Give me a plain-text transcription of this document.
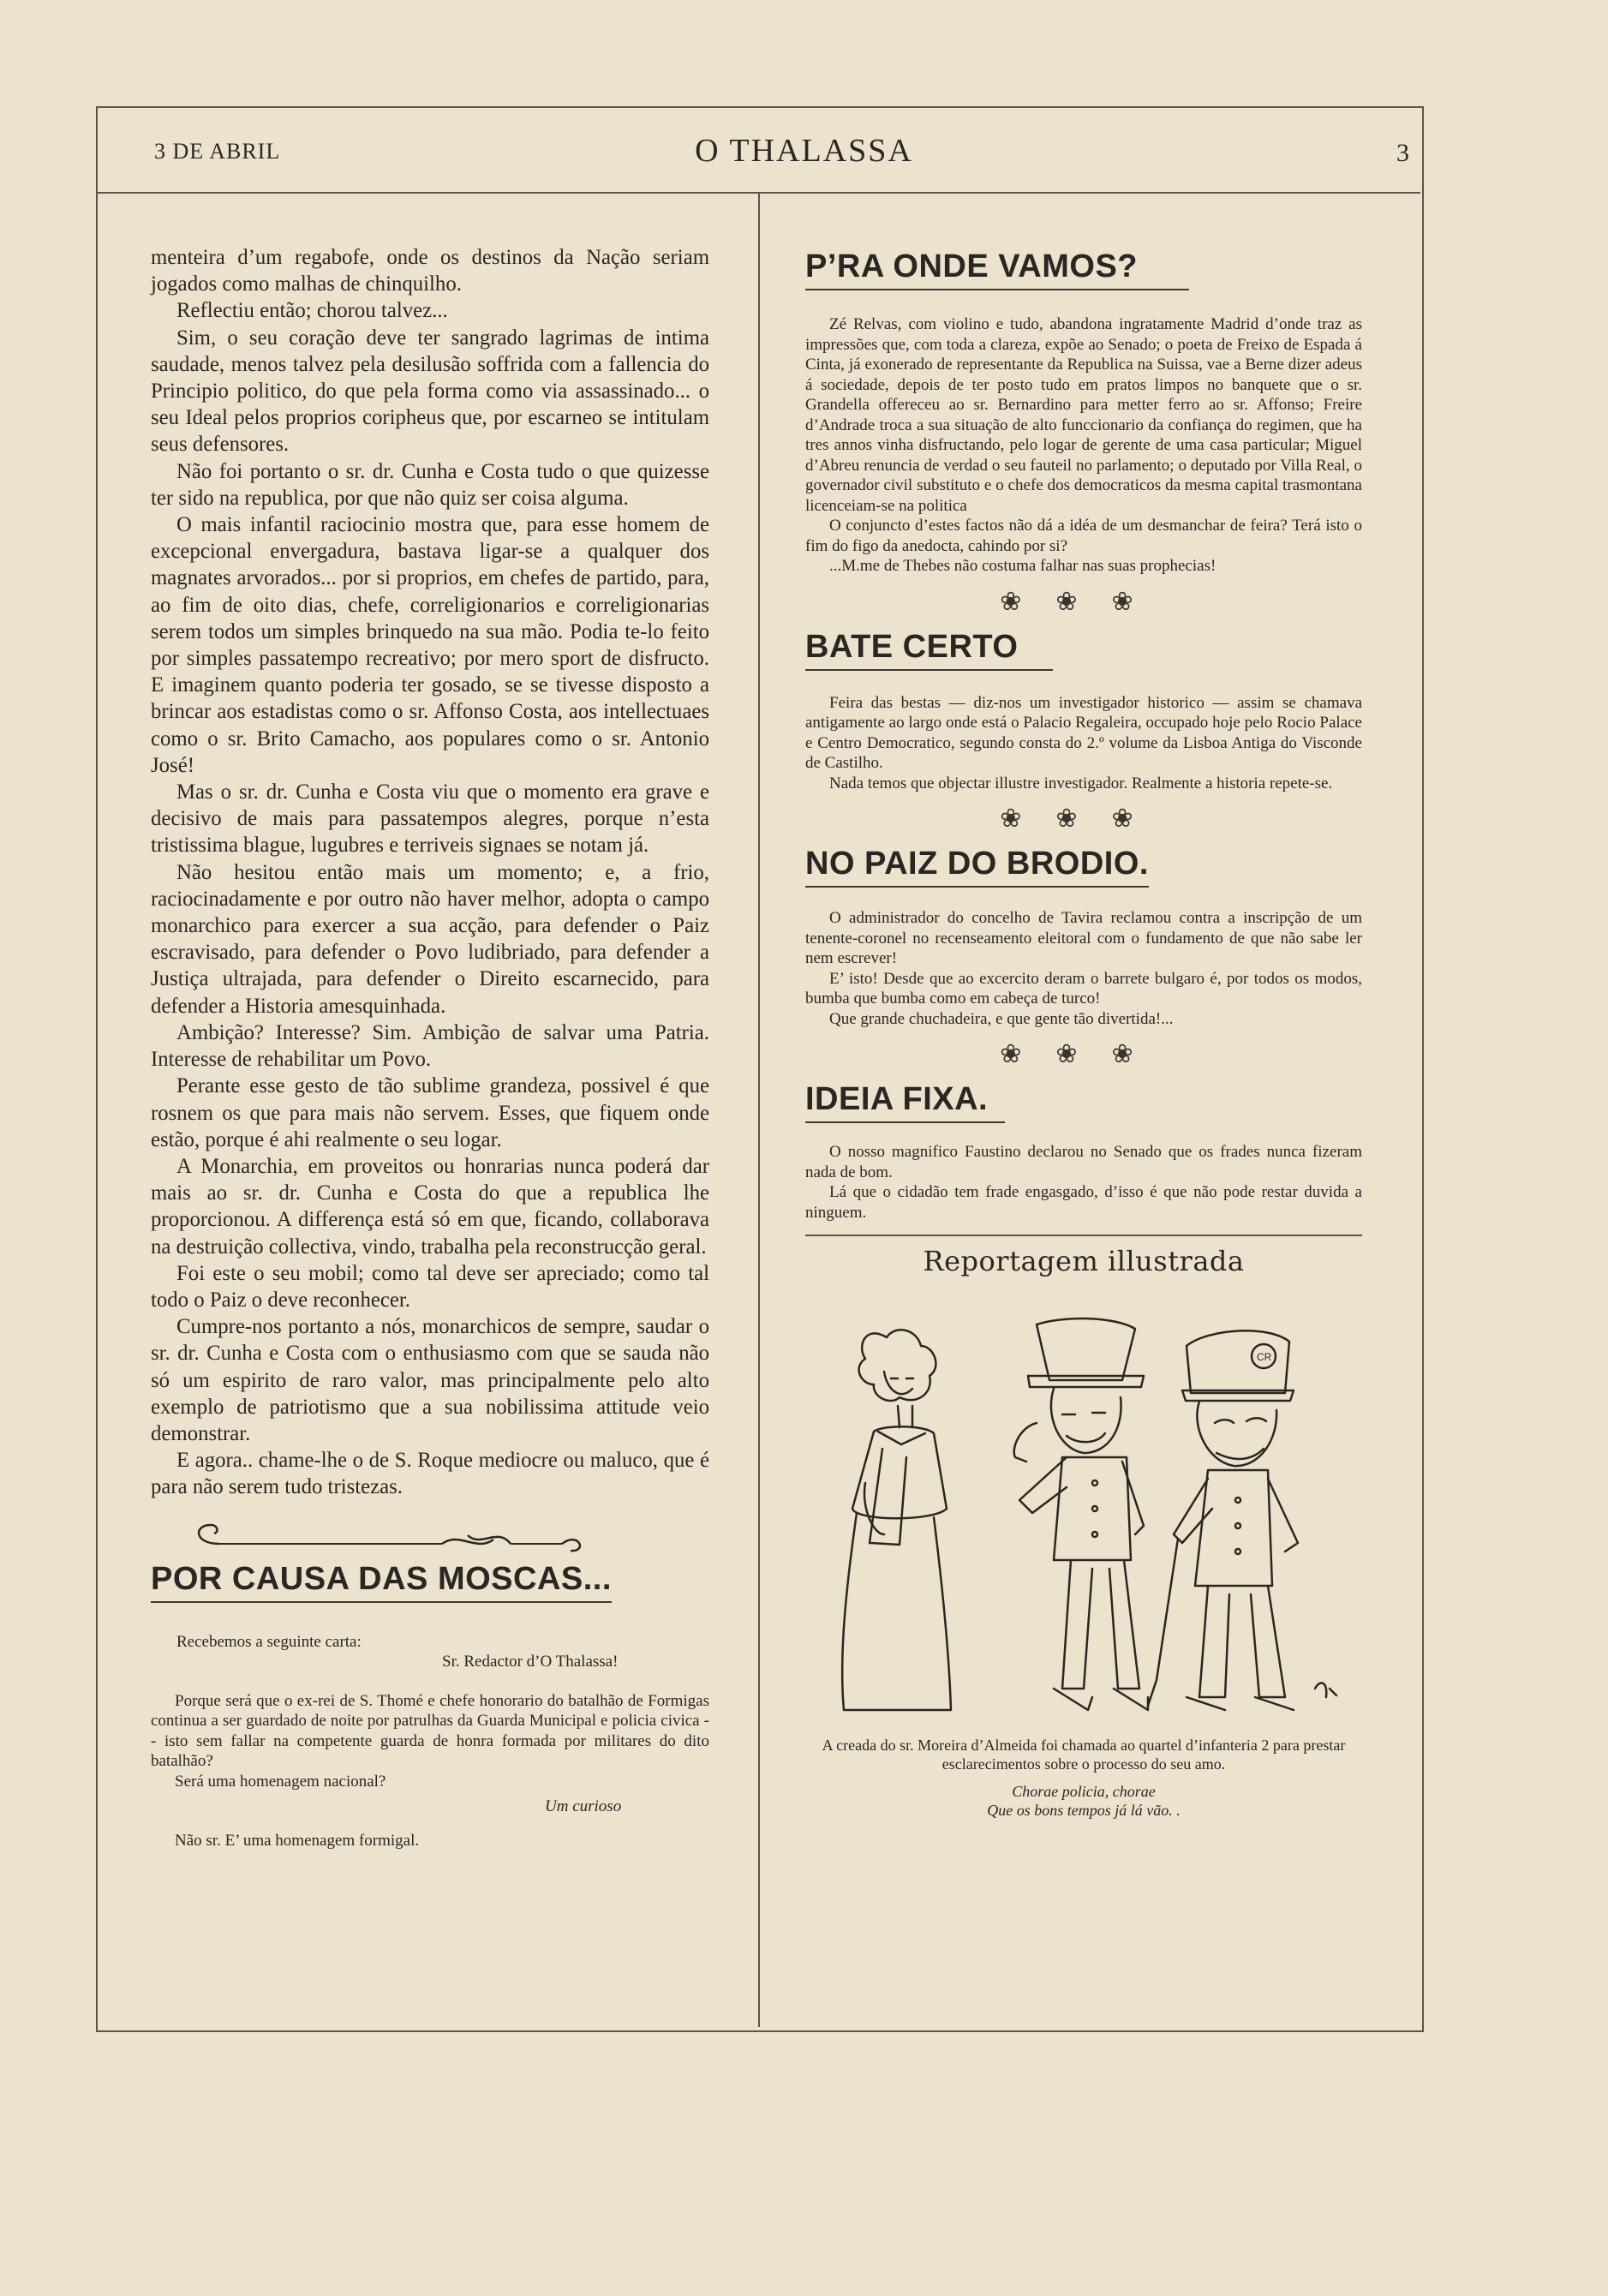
3 DE ABRIL	O THALASSA	3

menteira d’um regabofe, onde os destinos da Nação seriam jogados como malhas de chinquilho.

Reflectiu então; chorou talvez...

Sim, o seu coração deve ter sangrado lagrimas de intima saudade, menos talvez pela desilusão soffrida com a fallencia do Principio politico, do que pela forma como via assassinado... o seu Ideal pelos proprios coripheus que, por escarneo se intitulam seus defensores.

Não foi portanto o sr. dr. Cunha e Costa tudo o que quizesse ter sido na republica, por que não quiz ser coisa alguma.

O mais infantil raciocinio mostra que, para esse homem de excepcional envergadura, bastava ligar-se a qualquer dos magnates arvorados... por si proprios, em chefes de partido, para, ao fim de oito dias, chefe, correligionarios e correligionarias serem todos um simples brinquedo na sua mão. Podia te-lo feito por simples passatempo recreativo; por mero sport de disfructo. E imaginem quanto poderia ter gosado, se se tivesse disposto a brincar aos estadistas como o sr. Affonso Costa, aos intellectuaes como o sr. Brito Camacho, aos populares como o sr. Antonio José!

Mas o sr. dr. Cunha e Costa viu que o momento era grave e decisivo de mais para passatempos alegres, porque n’esta tristissima blague, lugubres e terriveis signaes se notam já.

Não hesitou então mais um momento; e, a frio, raciocinadamente e por outro não haver melhor, adopta o campo monarchico para exercer a sua acção, para defender o Paiz escravisado, para defender o Povo ludibriado, para defender a Justiça ultrajada, para defender o Direito escarnecido, para defender a Historia amesquinhada.

Ambição? Interesse? Sim. Ambição de salvar uma Patria. Interesse de rehabilitar um Povo.

Perante esse gesto de tão sublime grandeza, possivel é que rosnem os que para mais não servem. Esses, que fiquem onde estão, porque é ahi realmente o seu logar.

A Monarchia, em proveitos ou honrarias nunca poderá dar mais ao sr. dr. Cunha e Costa do que a republica lhe proporcionou. A differença está só em que, ficando, collaborava na destruição collectiva, vindo, trabalha pela reconstrucção geral.

Foi este o seu mobil; como tal deve ser apreciado; como tal todo o Paiz o deve reconhecer.

Cumpre-nos portanto a nós, monarchicos de sempre, saudar o sr. dr. Cunha e Costa com o enthusiasmo com que se sauda não só um espirito de raro valor, mas principalmente pelo alto exemplo de patriotismo que a sua nobilissima attitude veio demonstrar.

E agora.. chame-lhe o de S. Roque mediocre ou maluco, que é para não serem tudo tristezas.

POR CAUSA DAS MOSCAS...

Recebemos a seguinte carta:

Sr. Redactor d’O Thalassa!

Porque será que o ex-rei de S. Thomé e chefe honorario do batalhão de Formigas continua a ser guardado de noite por patrulhas da Guarda Municipal e policia civica -- isto sem fallar na competente guarda de honra formada por militares do dito batalhão?

Será uma homenagem nacional?

Um curioso

Não sr. E’ uma homenagem formigal.

P’RA ONDE VAMOS?

Zé Relvas, com violino e tudo, abandona ingratamente Madrid d’onde traz as impressões que, com toda a clareza, expõe ao Senado; o poeta de Freixo de Espada á Cinta, já exonerado de representante da Republica na Suissa, vae a Berne dizer adeus á sociedade, depois de ter posto tudo em pratos limpos no banquete que o sr. Grandella offereceu ao sr. Bernardino para metter ferro ao sr. Affonso; Freire d’Andrade troca a sua situação de alto funccionario da confiança do regimen, que ha tres annos vinha disfructando, pelo logar de gerente de uma casa particular; Miguel d’Abreu renuncia de verdad o seu fauteil no parlamento; o deputado por Villa Real, o governador civil substituto e o chefe dos democraticos da mesma capital trasmontana licenceiam-se na politica

O conjuncto d’estes factos não dá a idéa de um desmanchar de feira? Terá isto o fim do figo da anedocta, cahindo por si?

...M.me de Thebes não costuma falhar nas suas prophecias!

❀❀❀
BATE CERTO

Feira das bestas — diz-nos um investigador historico — assim se chamava antigamente ao largo onde está o Palacio Regaleira, occupado hoje pelo Rocio Palace e Centro Democratico, segundo consta do 2.º volume da Lisboa Antiga do Visconde de Castilho.

Nada temos que objectar illustre investigador. Realmente a historia repete-se.

❀❀❀
NO PAIZ DO BRODIO.

O administrador do concelho de Tavira reclamou contra a inscripção de um tenente-coronel no recenseamento eleitoral com o fundamento de que não sabe ler nem escrever!

E’ isto! Desde que ao excercito deram o barrete bulgaro é, por todos os modos, bumba que bumba como em cabeça de turco!

Que grande chuchadeira, e que gente tão divertida!...

❀❀❀
IDEIA FIXA.

O nosso magnifico Faustino declarou no Senado que os frades nunca fizeram nada de bom.

Lá que o cidadão tem frade engasgado, d’isso é que não pode restar duvida a ninguem.

Reportagem illustrada
CR

A creada do sr. Moreira d’Almeida foi chamada ao quartel d’infanteria 2 para prestar esclarecimentos sobre o processo do seu amo.

Chorae policia, chorae

Que os bons tempos já lá vão. .
